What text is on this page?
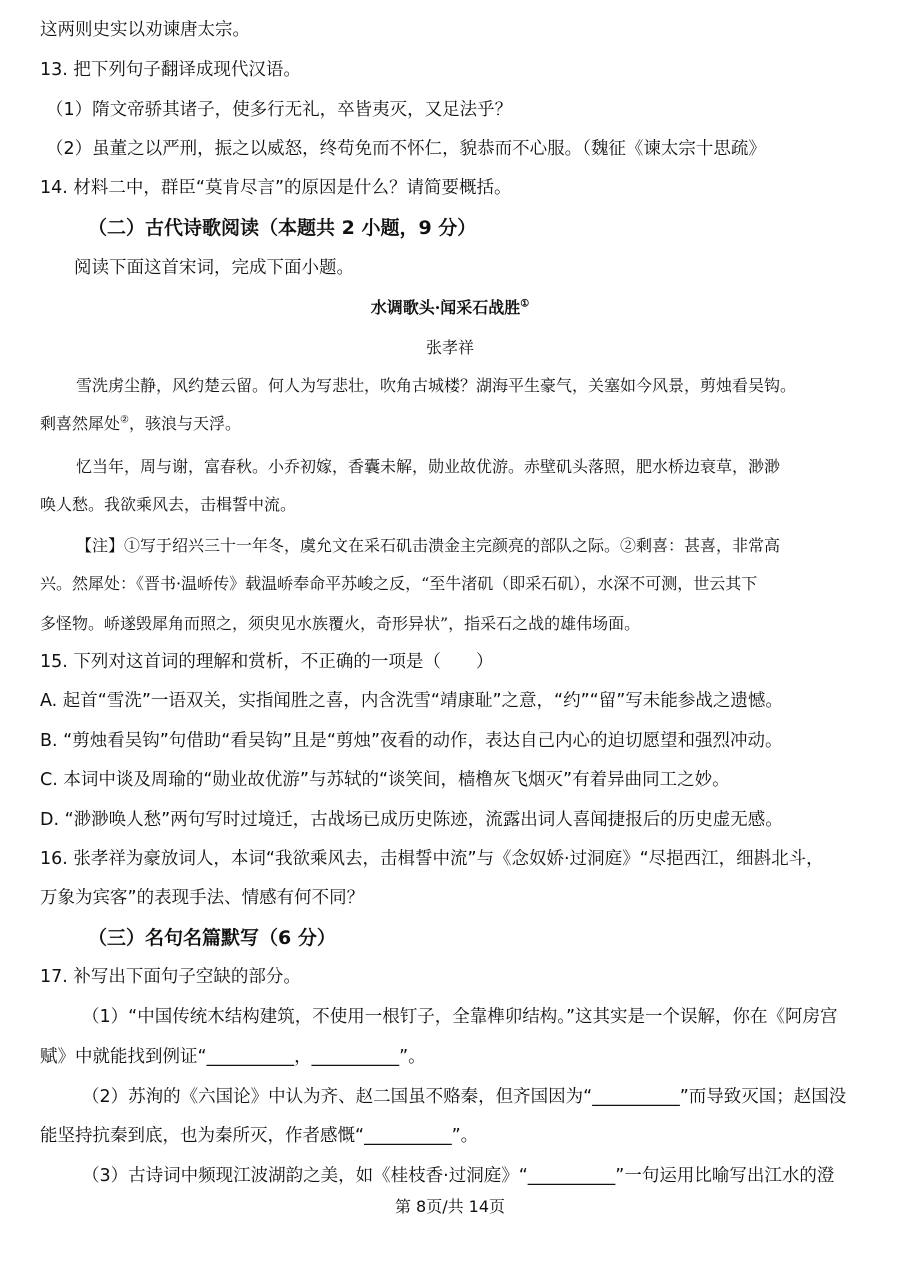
这两则史实以劝谏唐太宗。
13. 把下列句子翻译成现代汉语。
（1）隋文帝骄其诸子，使多行无礼，卒皆夷灭，又足法乎？
（2）虽董之以严刑，振之以威怒，终苟免而不怀仁，貌恭而不心服。（魏征《谏太宗十思疏》
14. 材料二中，群臣“莫肯尽言”的原因是什么？请简要概括。
（二）古代诗歌阅读（本题共 2 小题，9 分）
阅读下面这首宋词，完成下面小题。
水调歌头·闻采石战胜①
张孝祥
雪洗虏尘静，风约楚云留。何人为写悲壮，吹角古城楼？湖海平生豪气，关塞如今风景，剪烛看吴钩。
剩喜然犀处②，骇浪与天浮。
忆当年，周与谢，富春秋。小乔初嫁，香囊未解，勋业故优游。赤壁矶头落照，肥水桥边衰草，渺渺
唤人愁。我欲乘风去，击楫誓中流。
【注】①写于绍兴三十一年冬，虞允文在采石矶击溃金主完颜亮的部队之际。②剩喜：甚喜，非常高
兴。然犀处：《晋书·温峤传》载温峤奉命平苏峻之反，“至牛渚矶（即采石矶），水深不可测，世云其下
多怪物。峤遂毁犀角而照之，须臾见水族覆火，奇形异状”，指采石之战的雄伟场面。
15. 下列对这首词的理解和赏析，不正确的一项是（　　）
A. 起首“雪洗”一语双关，实指闻胜之喜，内含洗雪“靖康耻”之意，“约”“留”写未能参战之遗憾。
B. “剪烛看吴钩”句借助“看吴钩”且是“剪烛”夜看的动作，表达自己内心的迫切愿望和强烈冲动。
C. 本词中谈及周瑜的“勋业故优游”与苏轼的“谈笑间，樯橹灰飞烟灭”有着异曲同工之妙。
D. “渺渺唤人愁”两句写时过境迁，古战场已成历史陈迹，流露出词人喜闻捷报后的历史虚无感。
16. 张孝祥为豪放词人，本词“我欲乘风去，击楫誓中流”与《念奴娇·过洞庭》“尽挹西江，细斟北斗，
万象为宾客”的表现手法、情感有何不同？
（三）名句名篇默写（6 分）
17. 补写出下面句子空缺的部分。
（1）“中国传统木结构建筑，不使用一根钉子，全靠榫卯结构。”这其实是一个误解，你在《阿房宫
赋》中就能找到例证“__________，__________”。
（2）苏洵的《六国论》中认为齐、赵二国虽不赂秦，但齐国因为“__________”而导致灭国；赵国没
能坚持抗秦到底，也为秦所灭，作者感慨“__________”。
（3）古诗词中频现江波湖韵之美，如《桂枝香·过洞庭》“__________”一句运用比喻写出江水的澄
第 8页/共 14页
